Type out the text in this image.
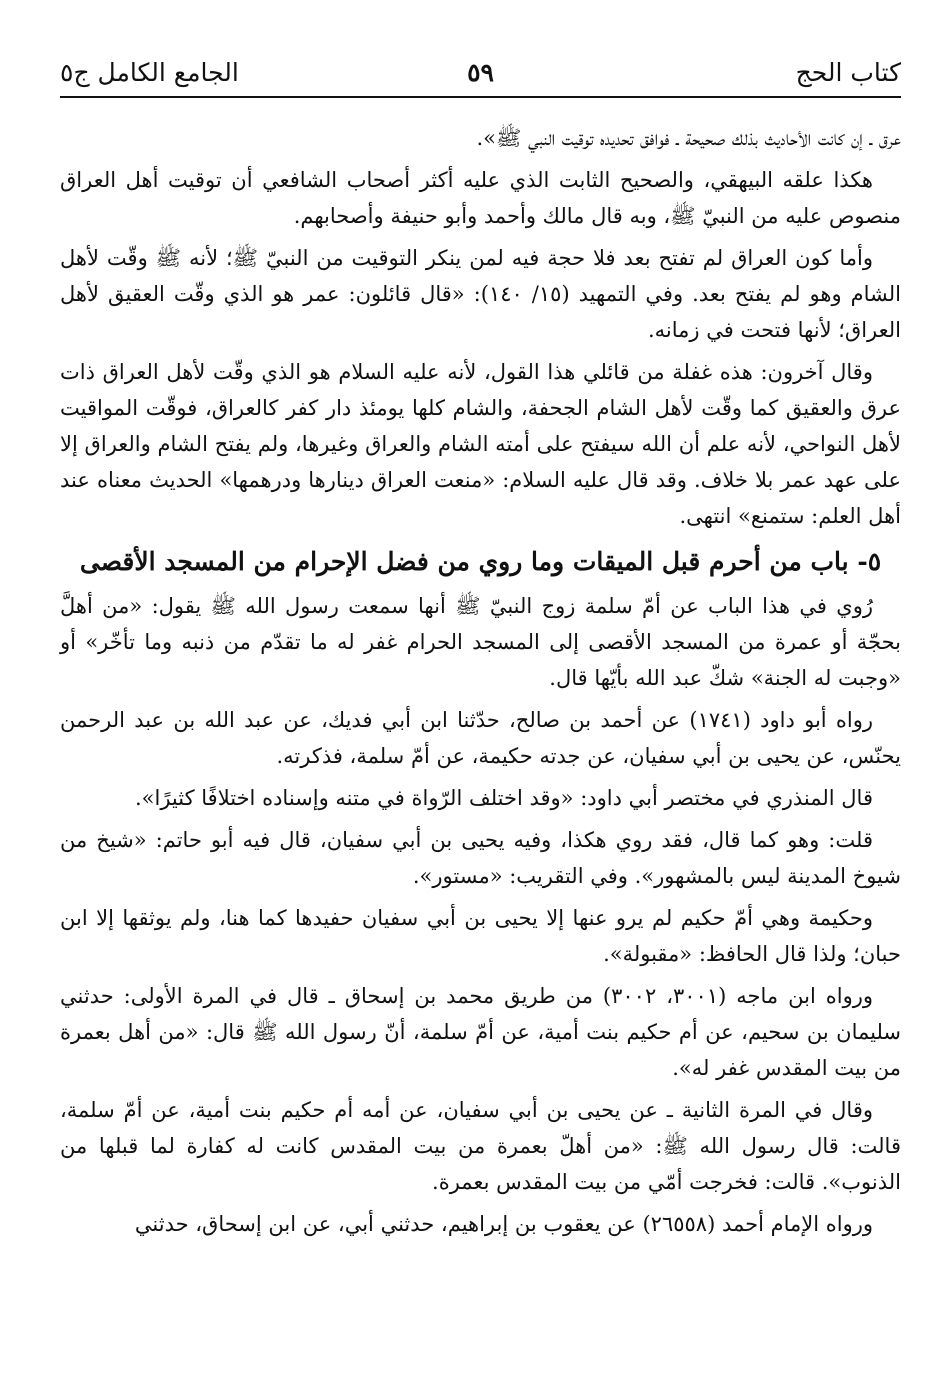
كتاب الحج
٥٩
الجامع الكامل ج٥

عرق ـ إن كانت الأحاديث بذلك صحيحة ـ فوافق تحديده توقيت النبي ﷺ».

هكذا علقه البيهقي، والصحيح الثابت الذي عليه أكثر أصحاب الشافعي أن توقيت أهل العراق منصوص عليه من النبيّ ﷺ، وبه قال مالك وأحمد وأبو حنيفة وأصحابهم.

وأما كون العراق لم تفتح بعد فلا حجة فيه لمن ينكر التوقيت من النبيّ ﷺ؛ لأنه ﷺ وقّت لأهل الشام وهو لم يفتح بعد. وفي التمهيد (١٥/ ١٤٠): «قال قائلون: عمر هو الذي وقّت العقيق لأهل العراق؛ لأنها فتحت في زمانه.

وقال آخرون: هذه غفلة من قائلي هذا القول، لأنه عليه السلام هو الذي وقّت لأهل العراق ذات عرق والعقيق كما وقّت لأهل الشام الجحفة، والشام كلها يومئذ دار كفر كالعراق، فوقّت المواقيت لأهل النواحي، لأنه علم أن الله سيفتح على أمته الشام والعراق وغيرها، ولم يفتح الشام والعراق إلا على عهد عمر بلا خلاف. وقد قال عليه السلام: «منعت العراق دينارها ودرهمها» الحديث معناه عند أهل العلم: ستمنع» انتهى.

٥- باب من أحرم قبل الميقات وما روي من فضل الإحرام من المسجد الأقصى

رُوي في هذا الباب عن أمّ سلمة زوج النبيّ ﷺ أنها سمعت رسول الله ﷺ يقول: «من أهلَّ بحجّة أو عمرة من المسجد الأقصى إلى المسجد الحرام غفر له ما تقدّم من ذنبه وما تأخّر» أو «وجبت له الجنة» شكّ عبد الله بأيّها قال.

رواه أبو داود (١٧٤١) عن أحمد بن صالح، حدّثنا ابن أبي فديك، عن عبد الله بن عبد الرحمن يحنّس، عن يحيى بن أبي سفيان، عن جدته حكيمة، عن أمّ سلمة، فذكرته.

قال المنذري في مختصر أبي داود: «وقد اختلف الرّواة في متنه وإسناده اختلافًا كثيرًا».

قلت: وهو كما قال، فقد روي هكذا، وفيه يحيى بن أبي سفيان، قال فيه أبو حاتم: «شيخ من شيوخ المدينة ليس بالمشهور». وفي التقريب: «مستور».

وحكيمة وهي أمّ حكيم لم يرو عنها إلا يحيى بن أبي سفيان حفيدها كما هنا، ولم يوثقها إلا ابن حبان؛ ولذا قال الحافظ: «مقبولة».

ورواه ابن ماجه (٣٠٠١، ٣٠٠٢) من طريق محمد بن إسحاق ـ قال في المرة الأولى: حدثني سليمان بن سحيم، عن أم حكيم بنت أمية، عن أمّ سلمة، أنّ رسول الله ﷺ قال: «من أهل بعمرة من بيت المقدس غفر له».

وقال في المرة الثانية ـ عن يحيى بن أبي سفيان، عن أمه أم حكيم بنت أمية، عن أمّ سلمة، قالت: قال رسول الله ﷺ: «من أهلّ بعمرة من بيت المقدس كانت له كفارة لما قبلها من الذنوب». قالت: فخرجت أمّي من بيت المقدس بعمرة.

ورواه الإمام أحمد (٢٦٥٥٨) عن يعقوب بن إبراهيم، حدثني أبي، عن ابن إسحاق، حدثني
